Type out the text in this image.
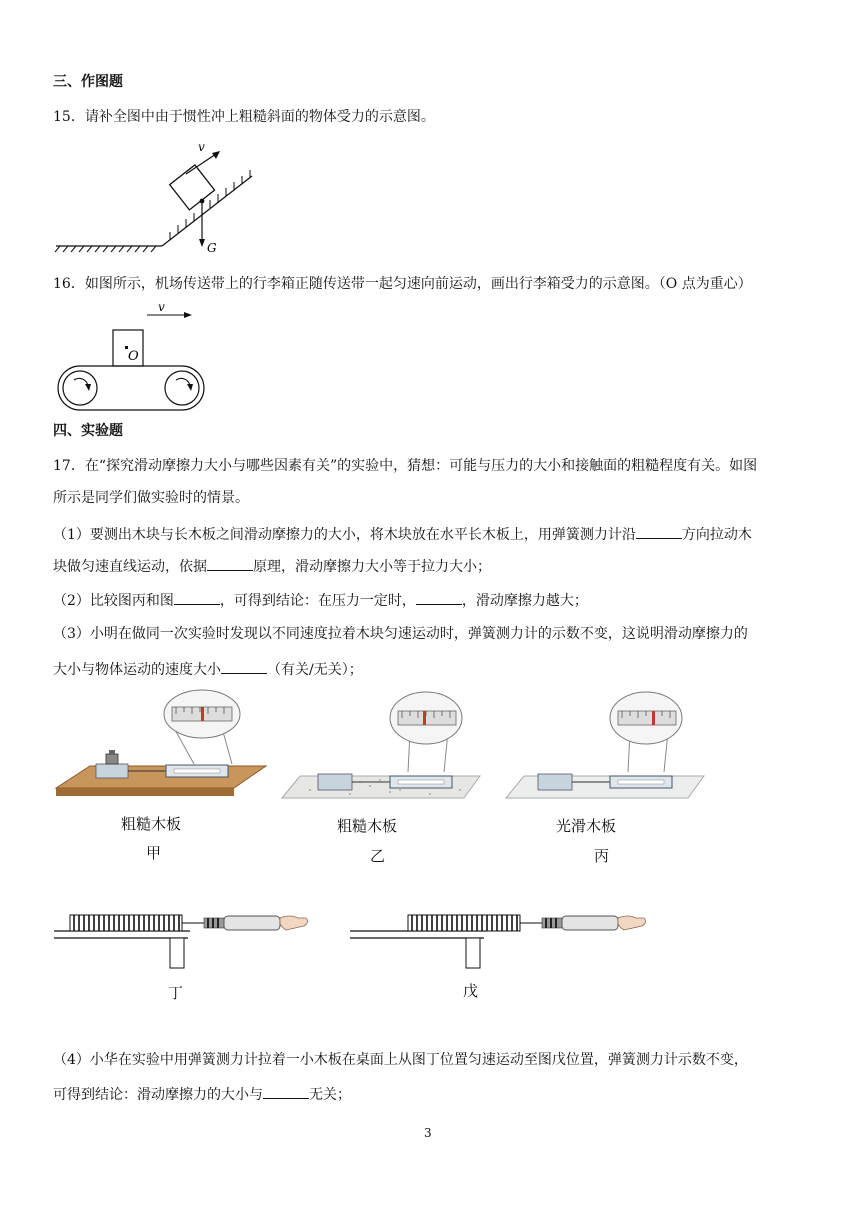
三、作图题
15．请补全图中由于惯性冲上粗糙斜面的物体受力的示意图。
v
G
16．如图所示，机场传送带上的行李箱正随传送带一起匀速向前运动，画出行李箱受力的示意图。（O 点为重心）
v
O
四、实验题
17．在“探究滑动摩擦力大小与哪些因素有关”的实验中，猜想：可能与压力的大小和接触面的粗糙程度有关。如图
所示是同学们做实验时的情景。
（1）要测出木块与长木板之间滑动摩擦力的大小，将木块放在水平长木板上，用弹簧测力计沿	方向拉动木
块做匀速直线运动，依据	原理，滑动摩擦力大小等于拉力大小；
（2）比较图丙和图	，可得到结论：在压力一定时，	，滑动摩擦力越大；
（3）小明在做同一次实验时发现以不同速度拉着木块匀速运动时，弹簧测力计的示数不变，这说明滑动摩擦力的
大小与物体运动的速度大小	（有关/无关）；
粗糙木板
甲
粗糙木板
乙
光滑木板
丙
丁	戊
（4）小华在实验中用弹簧测力计拉着一小木板在桌面上从图丁位置匀速运动至图戊位置，弹簧测力计示数不变，
可得到结论：滑动摩擦力的大小与	无关；
3
